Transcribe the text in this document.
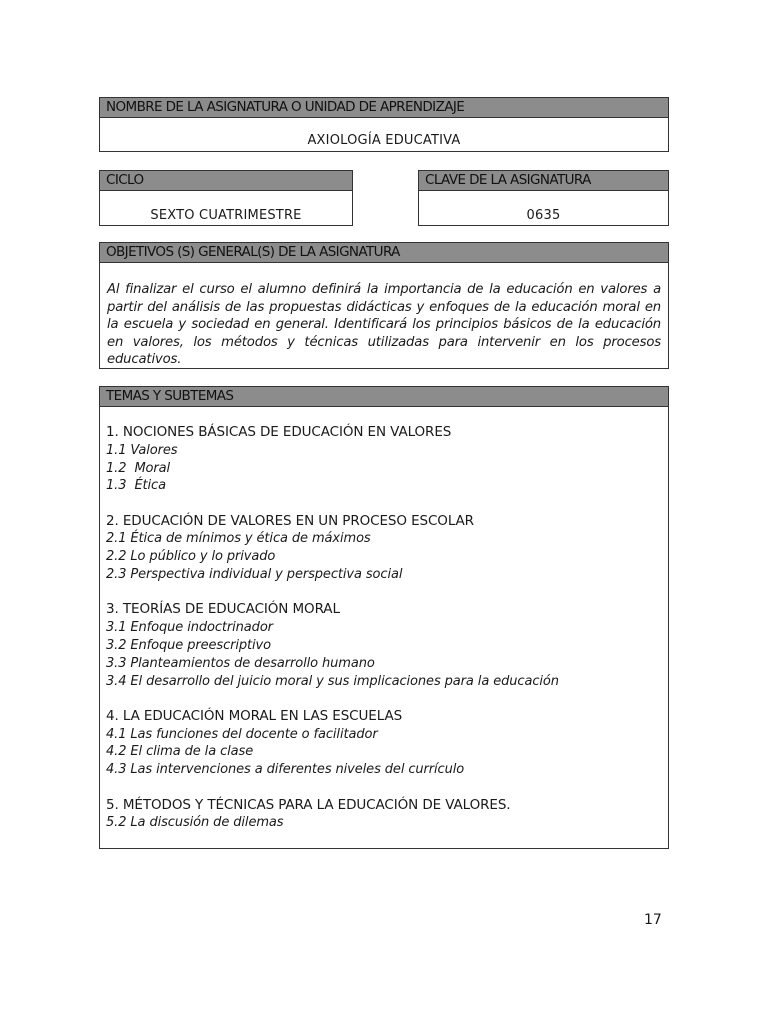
NOMBRE DE LA ASIGNATURA O UNIDAD DE APRENDIZAJE
AXIOLOGÍA EDUCATIVA
CICLO
SEXTO CUATRIMESTRE
CLAVE DE LA ASIGNATURA
0635
OBJETIVOS (S) GENERAL(S) DE LA ASIGNATURA
Al finalizar el curso el alumno definirá la importancia de la educación en valores a partir del análisis de las propuestas didácticas y enfoques de la educación moral en la escuela y sociedad en general. Identificará los principios básicos de la educación en valores, los métodos y técnicas utilizadas para intervenir en los procesos educativos.
TEMAS Y SUBTEMAS
1. NOCIONES BÁSICAS DE EDUCACIÓN EN VALORES
1.1 Valores
1.2  Moral
1.3  Ética
2. EDUCACIÓN DE VALORES EN UN PROCESO ESCOLAR
2.1 Ética de mínimos y ética de máximos
2.2 Lo público y lo privado
2.3 Perspectiva individual y perspectiva social
3. TEORÍAS DE EDUCACIÓN MORAL
3.1 Enfoque indoctrinador
3.2 Enfoque preescriptivo
3.3 Planteamientos de desarrollo humano
3.4 El desarrollo del juicio moral y sus implicaciones para la educación
4. LA EDUCACIÓN MORAL EN LAS ESCUELAS
4.1 Las funciones del docente o facilitador
4.2 El clima de la clase
4.3 Las intervenciones a diferentes niveles del currículo
5. MÉTODOS Y TÉCNICAS PARA LA EDUCACIÓN DE VALORES.
5.2 La discusión de dilemas
17
